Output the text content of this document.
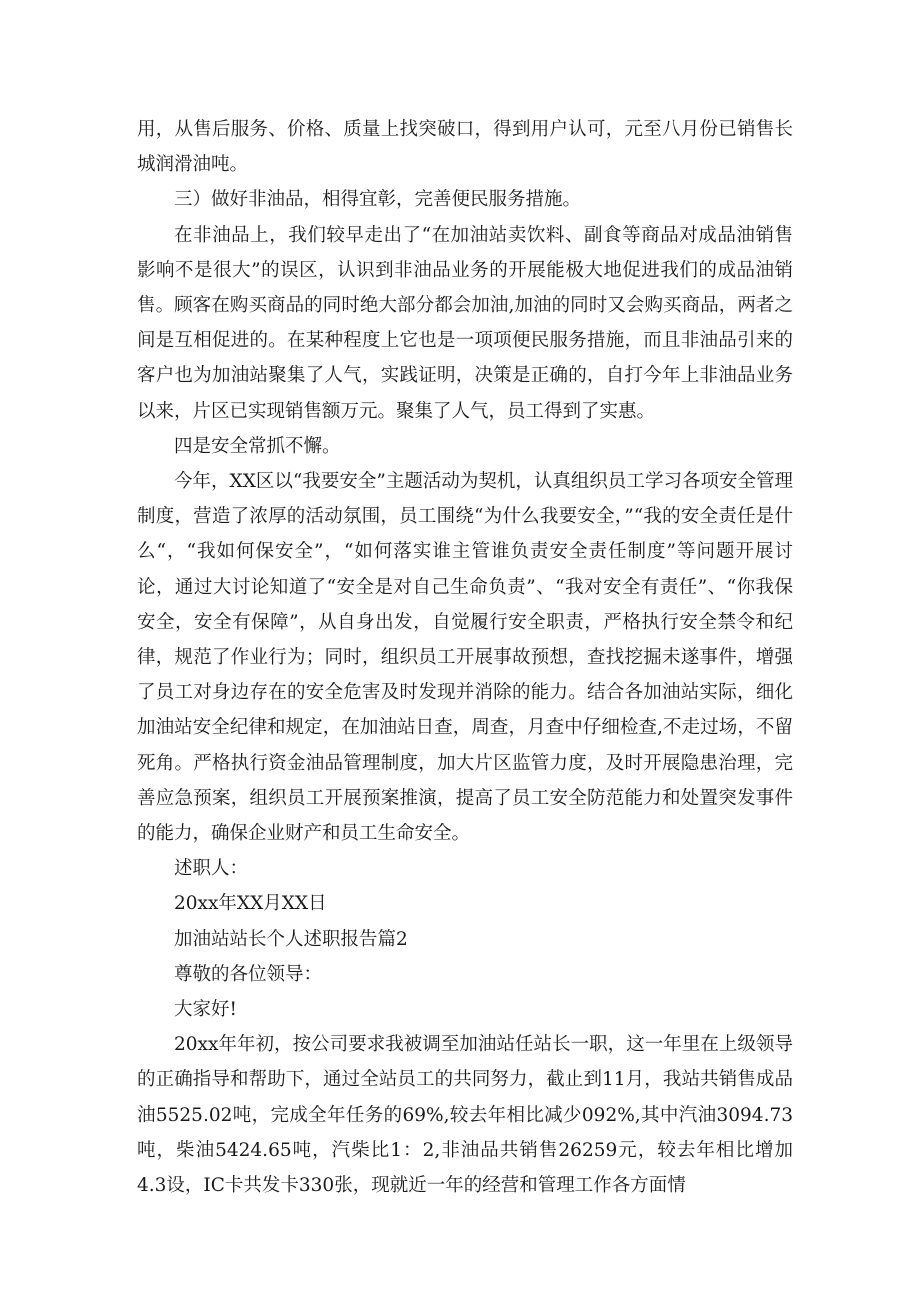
用，从售后服务、价格、质量上找突破口，得到用户认可，元至八月份已销售长城润滑油吨。

三）做好非油品，相得宜彰，完善便民服务措施。

在非油品上，我们较早走出了“在加油站卖饮料、副食等商品对成品油销售影响不是很大”的误区，认识到非油品业务的开展能极大地促进我们的成品油销售。顾客在购买商品的同时绝大部分都会加油,加油的同时又会购买商品，两者之间是互相促进的。在某种程度上它也是一项项便民服务措施，而且非油品引来的客户也为加油站聚集了人气，实践证明，决策是正确的，自打今年上非油品业务以来，片区已实现销售额万元。聚集了人气，员工得到了实惠。

四是安全常抓不懈。

今年，XX区以“我要安全”主题活动为契机，认真组织员工学习各项安全管理制度，营造了浓厚的活动氛围，员工围绕“为什么我要安全，”“我的安全责任是什么“，“我如何保安全”，“如何落实谁主管谁负责安全责任制度”等问题开展讨论，通过大讨论知道了“安全是对自己生命负责”、“我对安全有责任”、“你我保安全，安全有保障”，从自身出发，自觉履行安全职责，严格执行安全禁令和纪律，规范了作业行为；同时，组织员工开展事故预想，查找挖掘未遂事件，增强了员工对身边存在的安全危害及时发现并消除的能力。结合各加油站实际，细化加油站安全纪律和规定，在加油站日查，周查，月查中仔细检查,不走过场，不留死角。严格执行资金油品管理制度，加大片区监管力度，及时开展隐患治理，完善应急预案，组织员工开展预案推演，提高了员工安全防范能力和处置突发事件的能力，确保企业财产和员工生命安全。

述职人：

20xx年XX月XX日

加油站站长个人述职报告篇2

尊敬的各位领导：

大家好!

20xx年年初，按公司要求我被调至加油站任站长一职，这一年里在上级领导的正确指导和帮助下，通过全站员工的共同努力，截止到11月，我站共销售成品油5525.02吨，完成全年任务的69%,较去年相比减少092%,其中汽油3094.73吨，柴油5424.65吨，汽柴比1：2,非油品共销售26259元，较去年相比增加4.3设，IC卡共发卡330张，现就近一年的经营和管理工作各方面情
